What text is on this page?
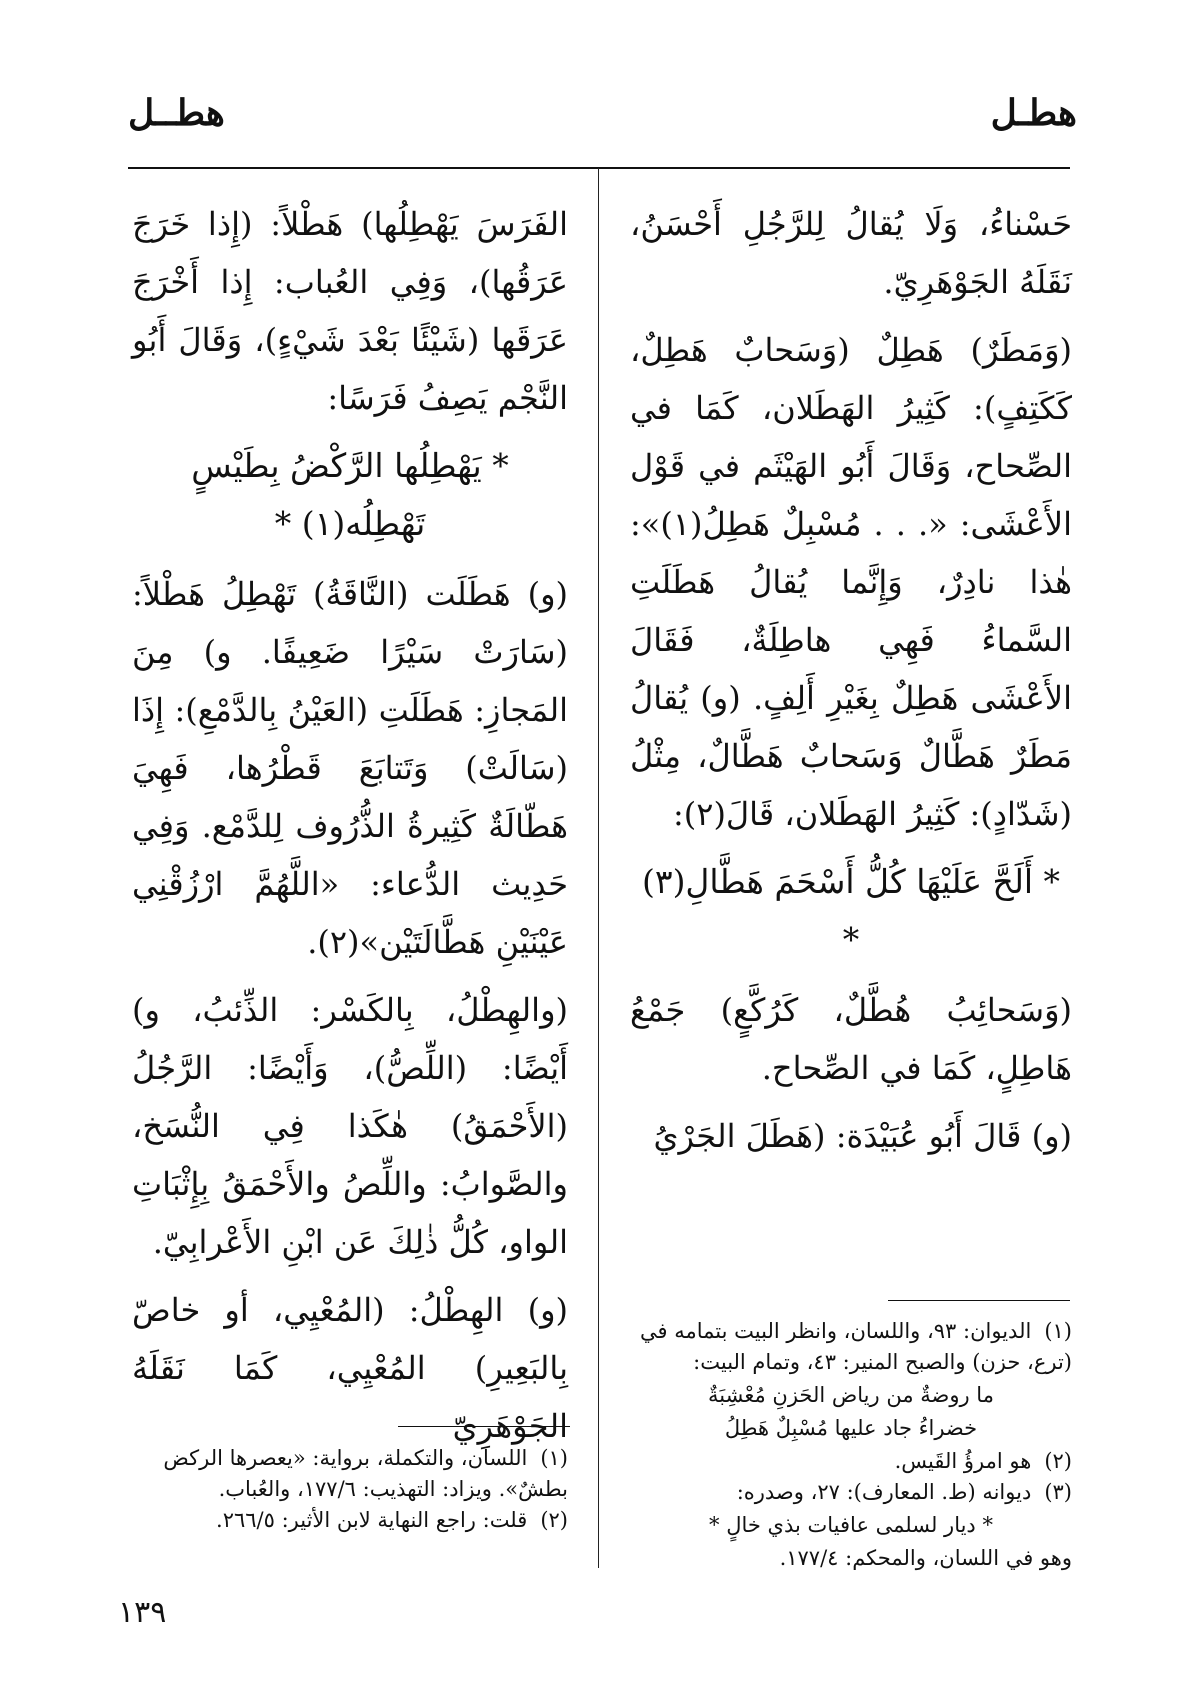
هطـل
هطــل

حَسْناءُ، وَلَا يُقالُ لِلرَّجُلِ أَحْسَنُ، نَقَلَهُ الجَوْهَرِيّ.

(وَمَطَرٌ) هَطِلٌ (وَسَحابٌ هَطِلٌ، كَكَتِفٍ): كَثِيرُ الهَطَلان، كَمَا في الصِّحاح، وَقَالَ أَبُو الهَيْثَم في قَوْل الأَعْشَى: «. . . مُسْبِلٌ هَطِلُ(١)»: هٰذا نادِرٌ، وَإِنَّما يُقالُ هَطَلَتِ السَّماءُ فَهِي هاطِلَةٌ، فَقَالَ الأَعْشَى هَطِلٌ بِغَيْرِ أَلِفٍ. (و) يُقالُ مَطَرٌ هَطَّالٌ وَسَحابٌ هَطَّالٌ، مِثْلُ (شَدّادٍ): كَثِيرُ الهَطَلان، قَالَ(٢):

* أَلَحَّ عَلَيْهَا كُلُّ أَسْحَمَ هَطَّالِ(٣) *

(وَسَحائِبُ هُطَّلٌ، كَرُكَّعٍ) جَمْعُ هَاطِلٍ، كَمَا في الصِّحاح.

(و) قَالَ أَبُو عُبَيْدَة: (هَطَلَ الجَرْيُ

الفَرَسَ يَهْطِلُها) هَطْلاً: (إِذا خَرَجَ عَرَقُها)، وَفِي العُباب: إِذا أَخْرَجَ عَرَقَها (شَيْئًا بَعْدَ شَيْءٍ)، وَقَالَ أَبُو النَّجْم يَصِفُ فَرَسًا:

* يَهْطِلُها الرَّكْضُ بِطَيْسٍ تَهْطِلُه(١) *

(و) هَطَلَت (النَّاقَةُ) تَهْطِلُ هَطْلاً: (سَارَتْ سَيْرًا ضَعِيفًا. و) مِنَ المَجازِ: هَطَلَتِ (العَيْنُ بِالدَّمْعِ): إِذَا (سَالَتْ) وَتَتابَعَ قَطْرُها، فَهِيَ هَطّالَةٌ كَثِيرةُ الذُّرُوف لِلدَّمْع. وَفِي حَدِيث الدُّعاء: «اللَّهُمَّ ارْزُقْنِي عَيْنَيْنِ هَطَّالَتَيْن»(٢).

(والهِطْلُ، بِالكَسْر: الذِّئبُ، و) أَيْضًا: (اللِّصُّ)، وَأَيْضًا: الرَّجُلُ (الأَحْمَقُ) هٰكَذا فِي النُّسَخ، والصَّوابُ: واللِّصُ والأَحْمَقُ بِإِثْبَاتِ الواو، كُلُّ ذٰلِكَ عَن ابْنِ الأَعْرابِيّ.

(و) الهِطْلُ: (المُعْيِي، أو خاصّ بِالبَعِيرِ) المُعْيِي، كَمَا نَقَلَهُ الجَوْهَرِيّ

(١) الديوان: ٩٣، واللسان، وانظر البيت بتمامه في (ترع، حزن) والصبح المنير: ٤٣، وتمام البيت:
ما روضةٌ من رياض الحَزنِ مُعْشِبَةٌ
خضراءُ جاد عليها مُسْبِلٌ هَطِلُ
(٢) هو امرؤُ القَيس.
(٣) ديوانه (ط. المعارف): ٢٧، وصدره:
* ديار لسلمى عافيات بذي خالٍ *
وهو في اللسان، والمحكم: ١٧٧/٤.
(١) اللسان، والتكملة، برواية: «يعصرها الركض بطشٌ». ويزاد: التهذيب: ١٧٧/٦، والعُباب.
(٢) قلت: راجع النهاية لابن الأثير: ٢٦٦/٥.
١٣٩
